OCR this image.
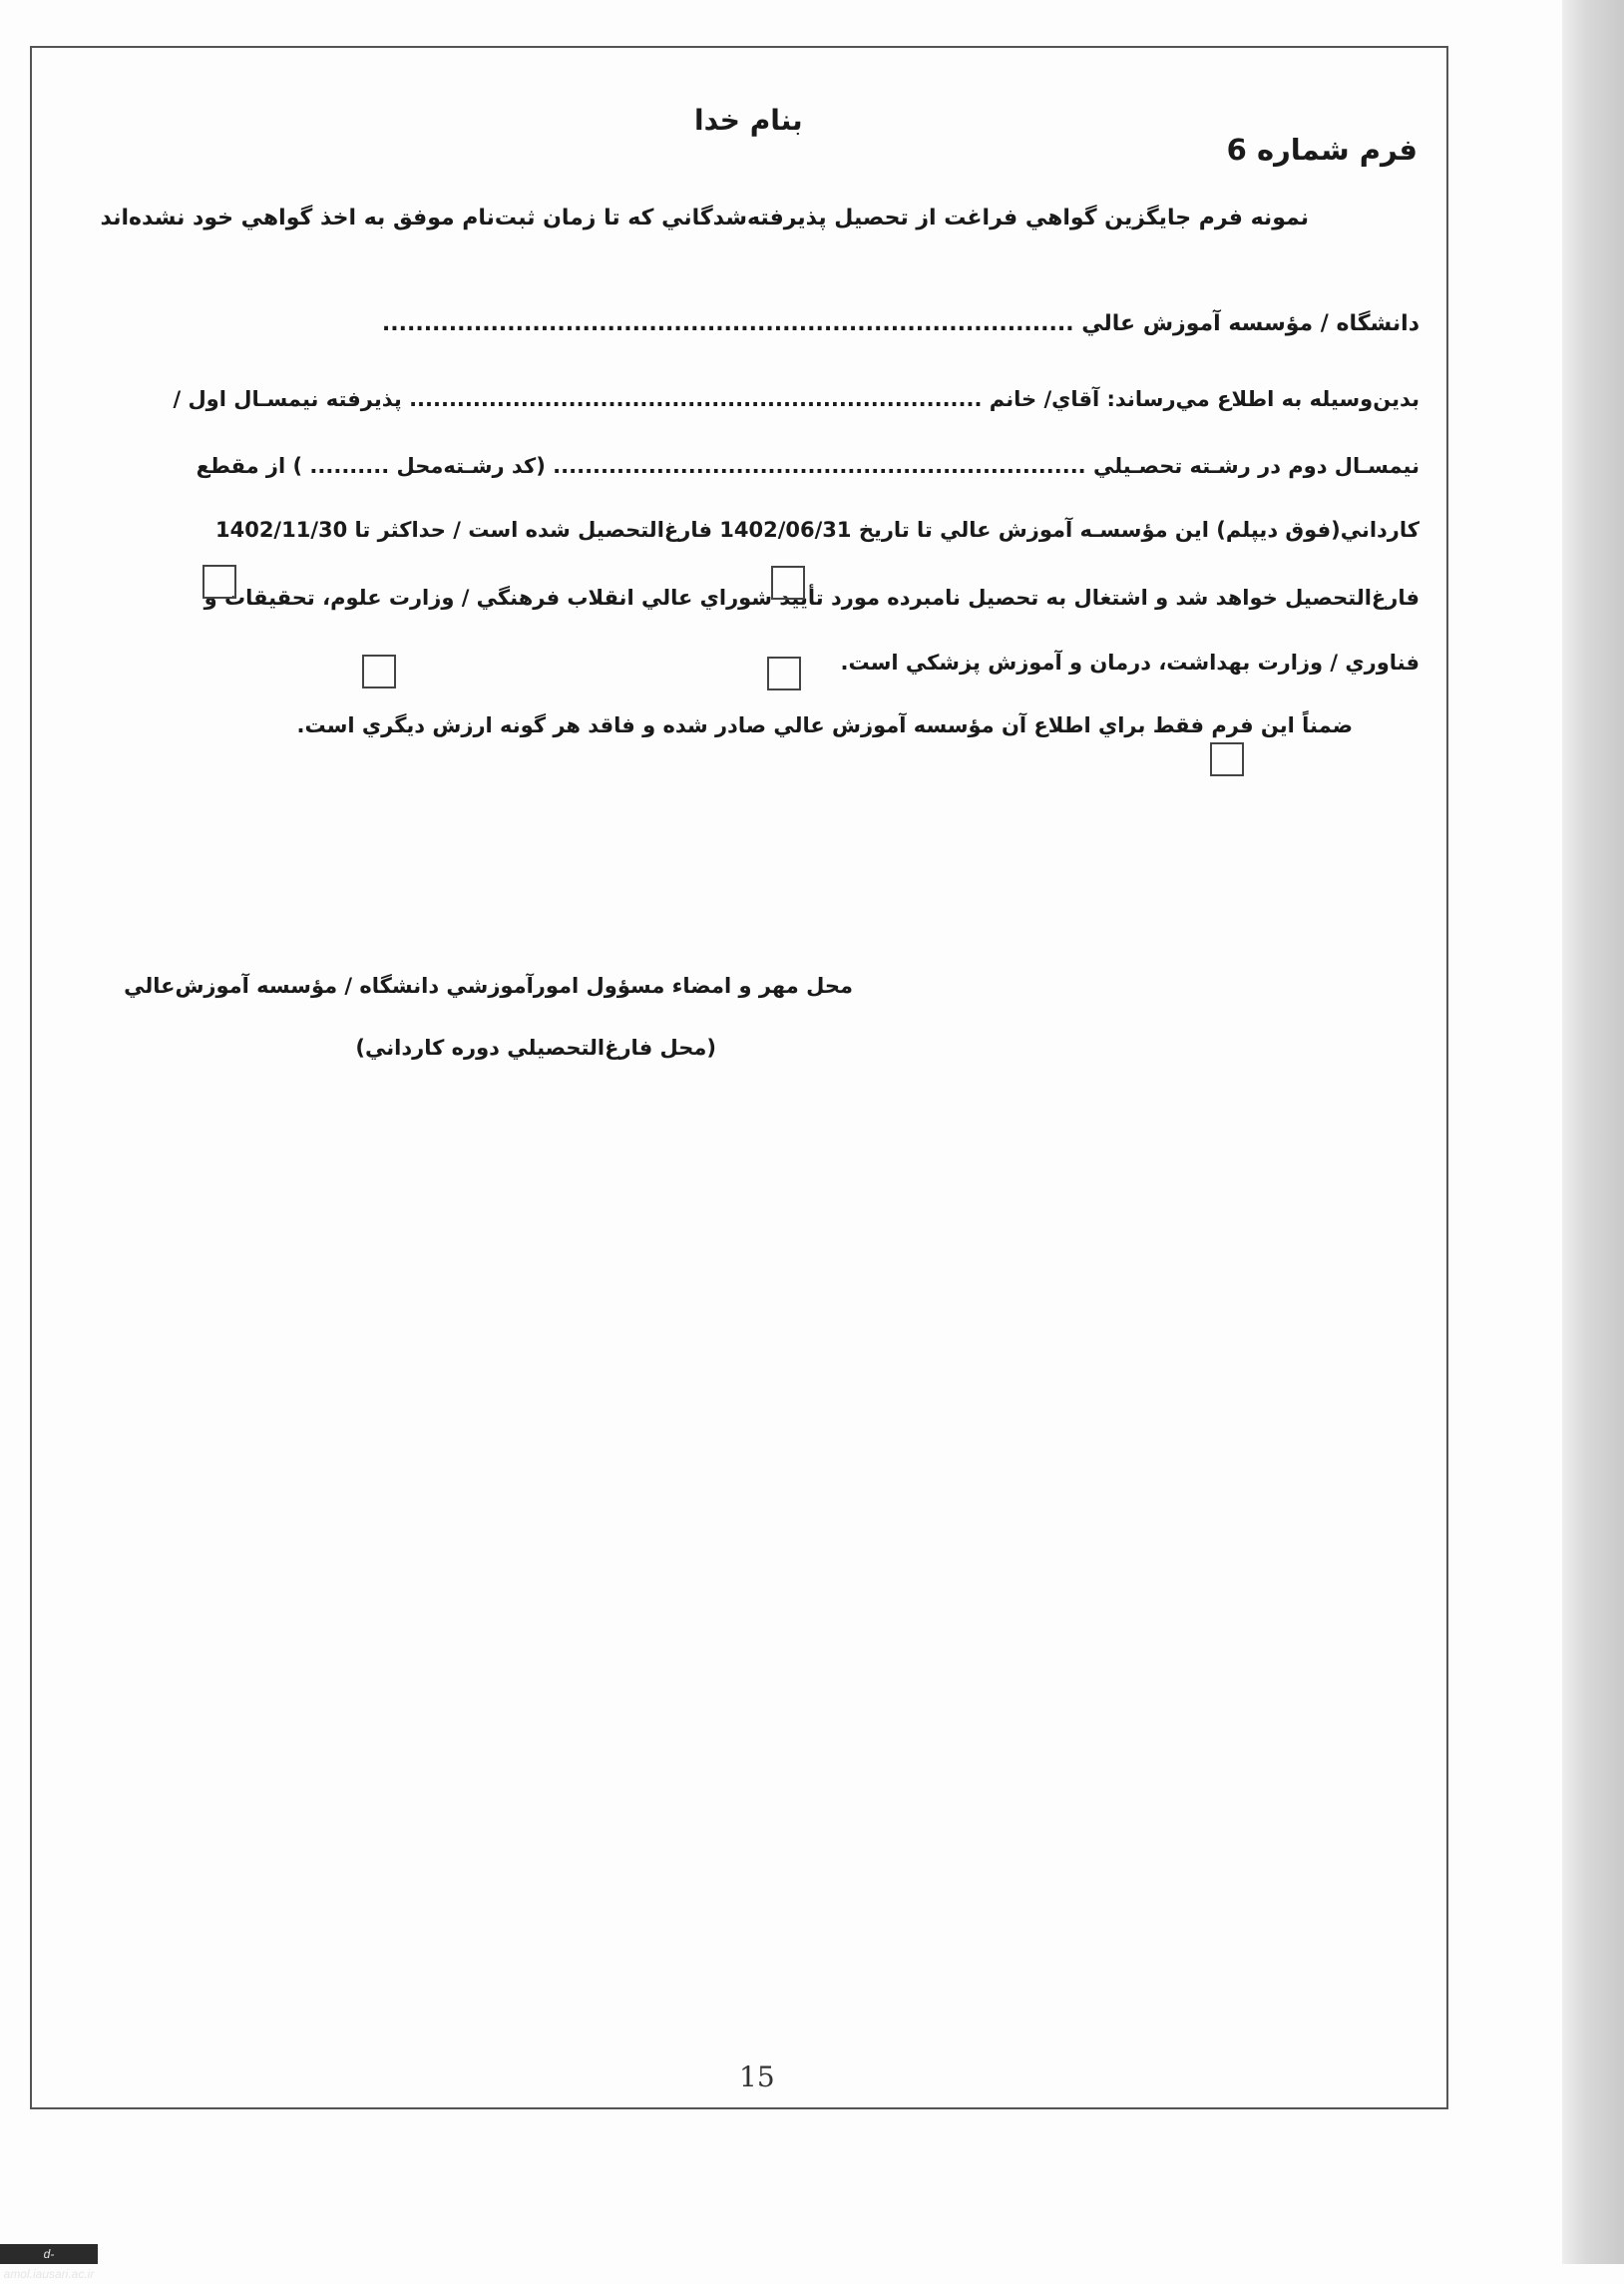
بنام خدا
فرم شماره 6
نمونه فرم جايگزين گواهي فراغت از تحصيل پذيرفته‌شدگاني كه تا زمان ثبت‌نام موفق به اخذ گواهي خود نشده‌اند
دانشگاه / مؤسسه آموزش عالي ...................................................................................
بدين‌وسيله به اطلاع مي‌رساند: آقاي/ خانم ........................................................................ پذيرفته نيمسـال اول /
نيمسـال دوم در رشـته تحصـيلي ................................................................... (كد رشـته‌محل .......... ) از مقطع
كارداني(فوق ديپلم) اين مؤسسـه آموزش عالي تا تاريخ 1402/06/31 فارغ‌التحصيل شده است / حداكثر تا 1402/11/30
فارغ‌التحصيل خواهد شد و اشتغال به تحصيل نامبرده مورد تأييد شوراي عالي انقلاب فرهنگي / وزارت علوم، تحقيقات و
فناوري / وزارت بهداشت، درمان و آموزش پزشكي است.
ضمناً اين فرم فقط براي اطلاع آن مؤسسه آموزش عالي صادر شده و فاقد هر گونه ارزش ديگري است.
محل مهر و امضاء مسؤول امورآموزشي دانشگاه / مؤسسه آموزش‌عالي
(محل فارغ‌التحصيلي دوره كارداني)
15
d-amol.iausari.ac.ir
